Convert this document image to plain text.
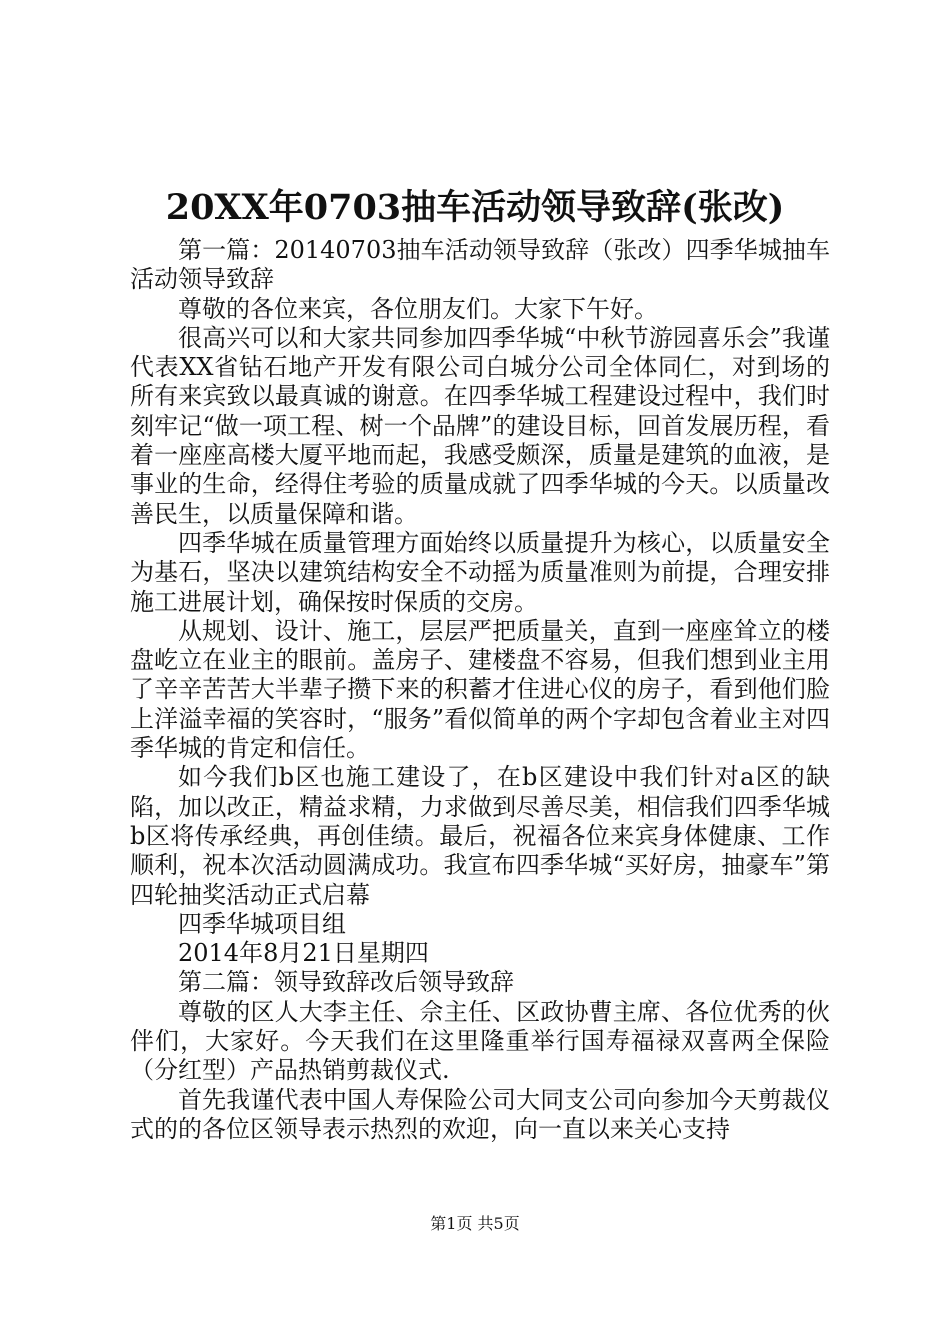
20XX年0703抽车活动领导致辞(张改)

第一篇：20140703抽车活动领导致辞（张改）四季华城抽车活动领导致辞

尊敬的各位来宾，各位朋友们。大家下午好。

很高兴可以和大家共同参加四季华城“中秋节游园喜乐会”我谨代表XX省钻石地产开发有限公司白城分公司全体同仁，对到场的所有来宾致以最真诚的谢意。在四季华城工程建设过程中，我们时刻牢记“做一项工程、树一个品牌”的建设目标，回首发展历程，看着一座座高楼大厦平地而起，我感受颇深，质量是建筑的血液，是事业的生命，经得住考验的质量成就了四季华城的今天。以质量改善民生，以质量保障和谐。

四季华城在质量管理方面始终以质量提升为核心，以质量安全为基石，坚决以建筑结构安全不动摇为质量准则为前提，合理安排施工进展计划，确保按时保质的交房。

从规划、设计、施工，层层严把质量关，直到一座座耸立的楼盘屹立在业主的眼前。盖房子、建楼盘不容易，但我们想到业主用了辛辛苦苦大半辈子攒下来的积蓄才住进心仪的房子，看到他们脸上洋溢幸福的笑容时，“服务”看似简单的两个字却包含着业主对四季华城的肯定和信任。

如今我们b区也施工建设了，在b区建设中我们针对a区的缺陷，加以改正，精益求精，力求做到尽善尽美，相信我们四季华城b区将传承经典，再创佳绩。最后，祝福各位来宾身体健康、工作顺利，祝本次活动圆满成功。我宣布四季华城“买好房，抽豪车”第四轮抽奖活动正式启幕

四季华城项目组

2014年8月21日星期四

第二篇：领导致辞改后领导致辞

尊敬的区人大李主任、佘主任、区政协曹主席、各位优秀的伙伴们，大家好。今天我们在这里隆重举行国寿福禄双喜两全保险（分红型）产品热销剪裁仪式.

首先我谨代表中国人寿保险公司大同支公司向参加今天剪裁仪式的的各位区领导表示热烈的欢迎，向一直以来关心支持

第1页 共5页
